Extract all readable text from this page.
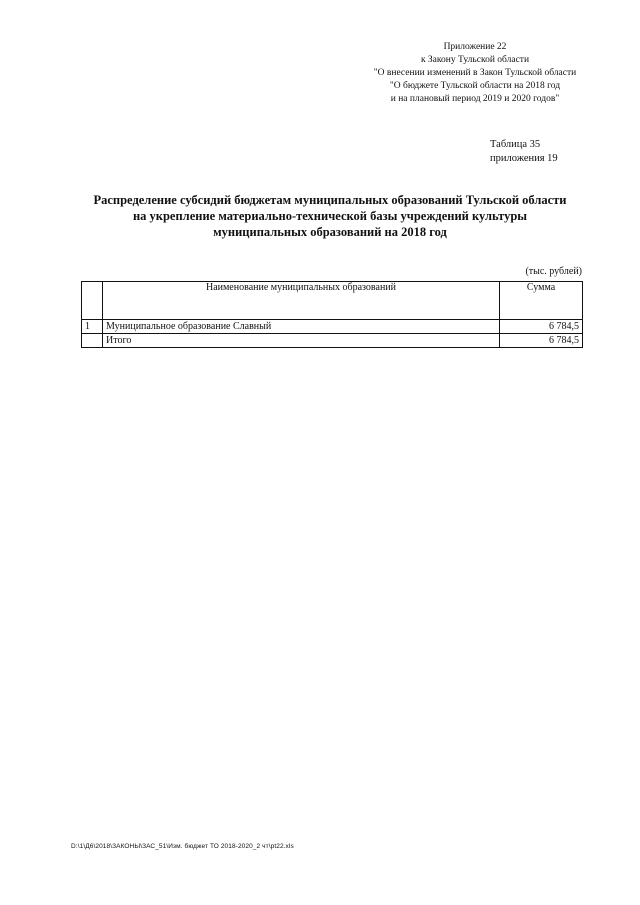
Приложение 22
к Закону Тульской области
"О внесении изменений в Закон Тульской области
"О бюджете Тульской области на 2018 год
и на плановый период 2019 и 2020 годов"
Таблица 35
приложения 19
Распределение субсидий бюджетам муниципальных образований Тульской области
на укрепление материально-технической базы учреждений культуры
муниципальных образований на 2018 год
(тыс. рублей)
	Наименование муниципальных образований	Сумма
1	Муниципальное образование Славный	6 784,5
	Итого	6 784,5
D:\1\Д6\2018\ЗАКОНЫ\ЗАС_51\Изм. бюджет ТО 2018-2020_2 чт\pt22.xls
